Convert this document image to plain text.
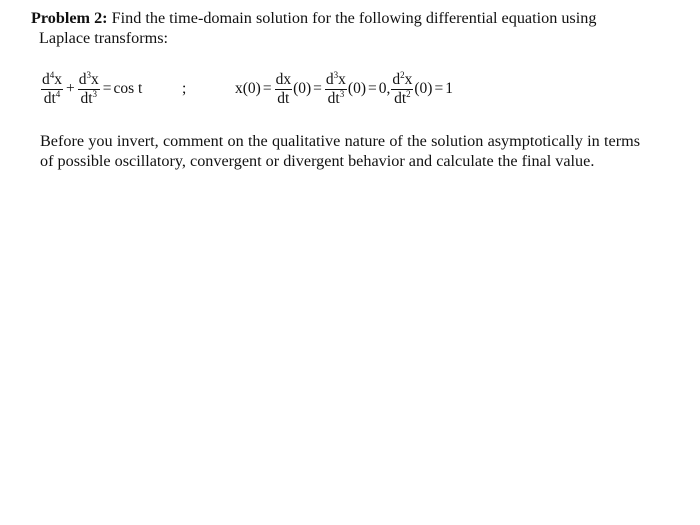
Problem 2: Find the time-domain solution for the following differential equation using
Laplace transforms:
$\frac{d^4x}{dt^4} + \frac{d^3x}{dt^3} = \cos t$	;	$x(0) = \frac{dx}{dt} (0) = \frac{d^3x}{dt^3} (0) = 0$, $\frac{d^2x}{dt^2} (0) = 1$
Before you invert, comment on the qualitative nature of the solution asymptotically in terms of possible oscillatory, convergent or divergent behavior and calculate the final value.
